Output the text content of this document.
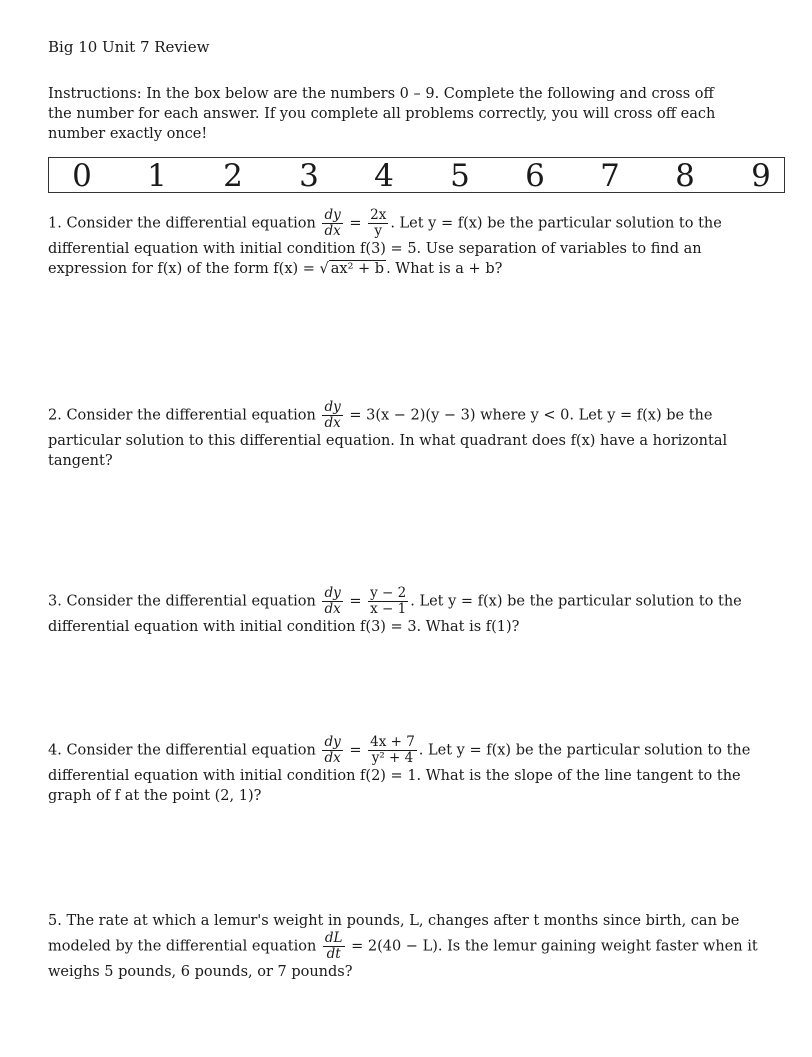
Big 10 Unit 7 Review
Instructions: In the box below are the numbers 0 – 9. Complete the following and cross off the number for each answer. If you complete all problems correctly, you will cross off each number exactly once!
0 1 2 3 4 5 6 7 8 9
1. Consider the differential equation $\frac{dy}{dx} = \frac{2x}{y}$ . Let y = f(x) be the particular solution to the
differential equation with initial condition f(3) = 5. Use separation of variables to find an
expression for f(x) of the form f(x) = √ ax² + b . What is a + b?
2. Consider the differential equation $\frac{dy}{dx} = 3(x - 2)(y - 3)$ where y < 0. Let y = f(x) be the
particular solution to this differential equation. In what quadrant does f(x) have a horizontal
tangent?
3. Consider the differential equation $\frac{dy}{dx} = \frac{y - 2}{x - 1}$ . Let y = f(x) be the particular solution to the
differential equation with initial condition f(3) = 3. What is f(1)?
4. Consider the differential equation $\frac{dy}{dx} = \frac{4x + 7}{\text{y² + 4}}$ . Let y = f(x) be the particular solution to the
differential equation with initial condition f(2) = 1. What is the slope of the line tangent to the
graph of f at the point (2, 1)?
5. The rate at which a lemur's weight in pounds, L, changes after t months since birth, can be
modeled by the differential equation $\frac{dL}{dt} = 2(40 - L)$. Is the lemur gaining weight faster when it
weighs 5 pounds, 6 pounds, or 7 pounds?
